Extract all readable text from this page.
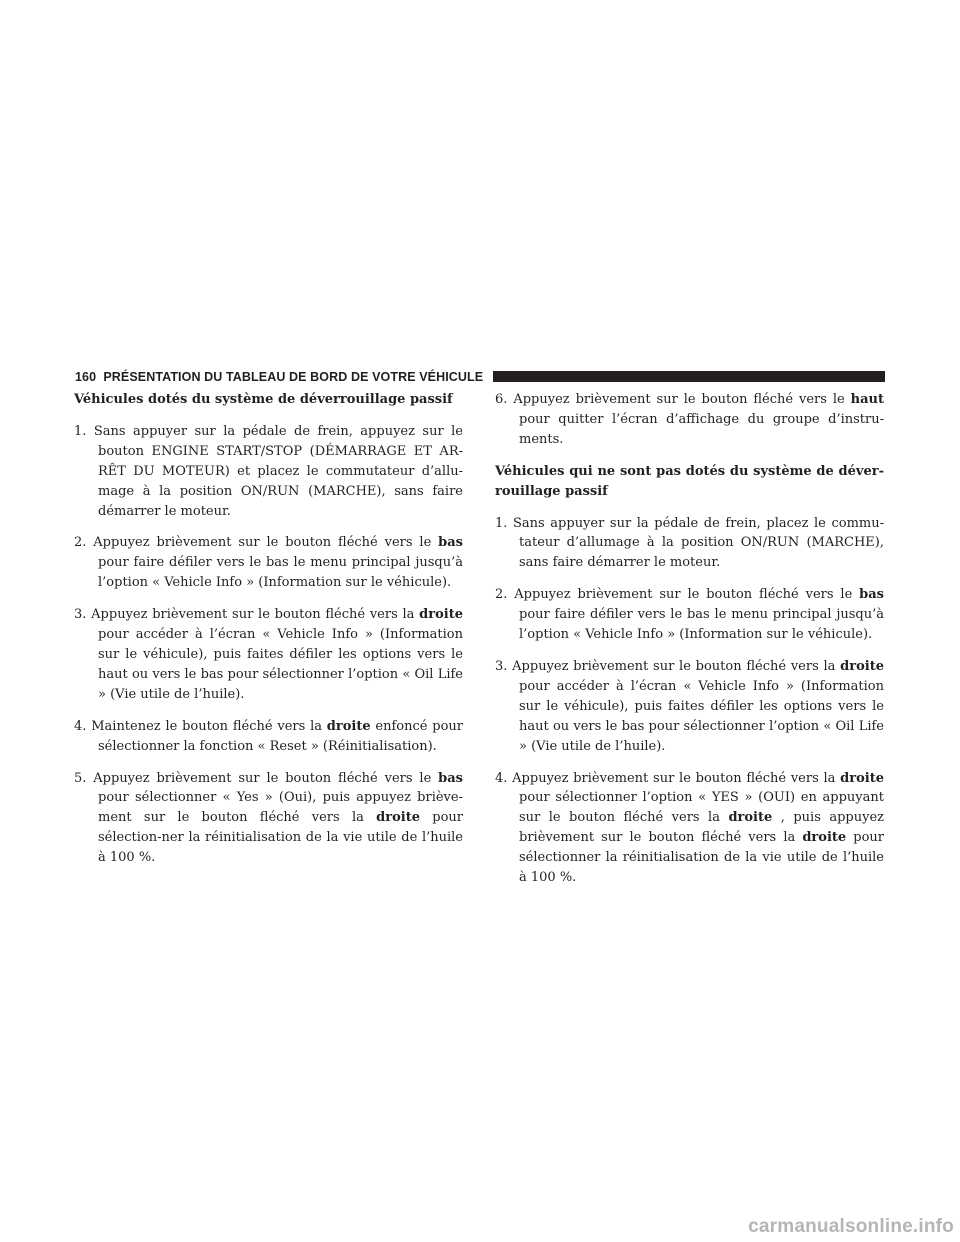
160 PRÉSENTATION DU TABLEAU DE BORD DE VOTRE VÉHICULE

Véhicules dotés du système de déverrouillage passif

1. Sans appuyer sur la pédale de frein, appuyez sur le bouton ENGINE START/STOP (DÉMARRAGE ET AR-RÊT DU MOTEUR) et placez le commutateur d’allu-mage à la position ON/RUN (MARCHE), sans faire démarrer le moteur.

2. Appuyez brièvement sur le bouton fléché vers le bas pour faire défiler vers le bas le menu principal jusqu’à l’option « Vehicle Info » (Information sur le véhicule).

3. Appuyez brièvement sur le bouton fléché vers la droite pour accéder à l’écran « Vehicle Info » (Information sur le véhicule), puis faites défiler les options vers le haut ou vers le bas pour sélectionner l’option « Oil Life » (Vie utile de l’huile).

4. Maintenez le bouton fléché vers la droite enfoncé pour sélectionner la fonction « Reset » (Réinitialisation).

5. Appuyez brièvement sur le bouton fléché vers le bas pour sélectionner « Yes » (Oui), puis appuyez briève-ment sur le bouton fléché vers la droite pour sélection-ner la réinitialisation de la vie utile de l’huile à 100 %.

6. Appuyez brièvement sur le bouton fléché vers le haut pour quitter l’écran d’affichage du groupe d’instru-ments.

Véhicules qui ne sont pas dotés du système de déver-rouillage passif

1. Sans appuyer sur la pédale de frein, placez le commu-tateur d’allumage à la position ON/RUN (MARCHE), sans faire démarrer le moteur.

2. Appuyez brièvement sur le bouton fléché vers le bas pour faire défiler vers le bas le menu principal jusqu’à l’option « Vehicle Info » (Information sur le véhicule).

3. Appuyez brièvement sur le bouton fléché vers la droite pour accéder à l’écran « Vehicle Info » (Information sur le véhicule), puis faites défiler les options vers le haut ou vers le bas pour sélectionner l’option « Oil Life » (Vie utile de l’huile).

4. Appuyez brièvement sur le bouton fléché vers la droite pour sélectionner l’option « YES » (OUI) en appuyant sur le bouton fléché vers la droite , puis appuyez brièvement sur le bouton fléché vers la droite pour sélectionner la réinitialisation de la vie utile de l’huile à 100 %.

carmanualsonline.info
